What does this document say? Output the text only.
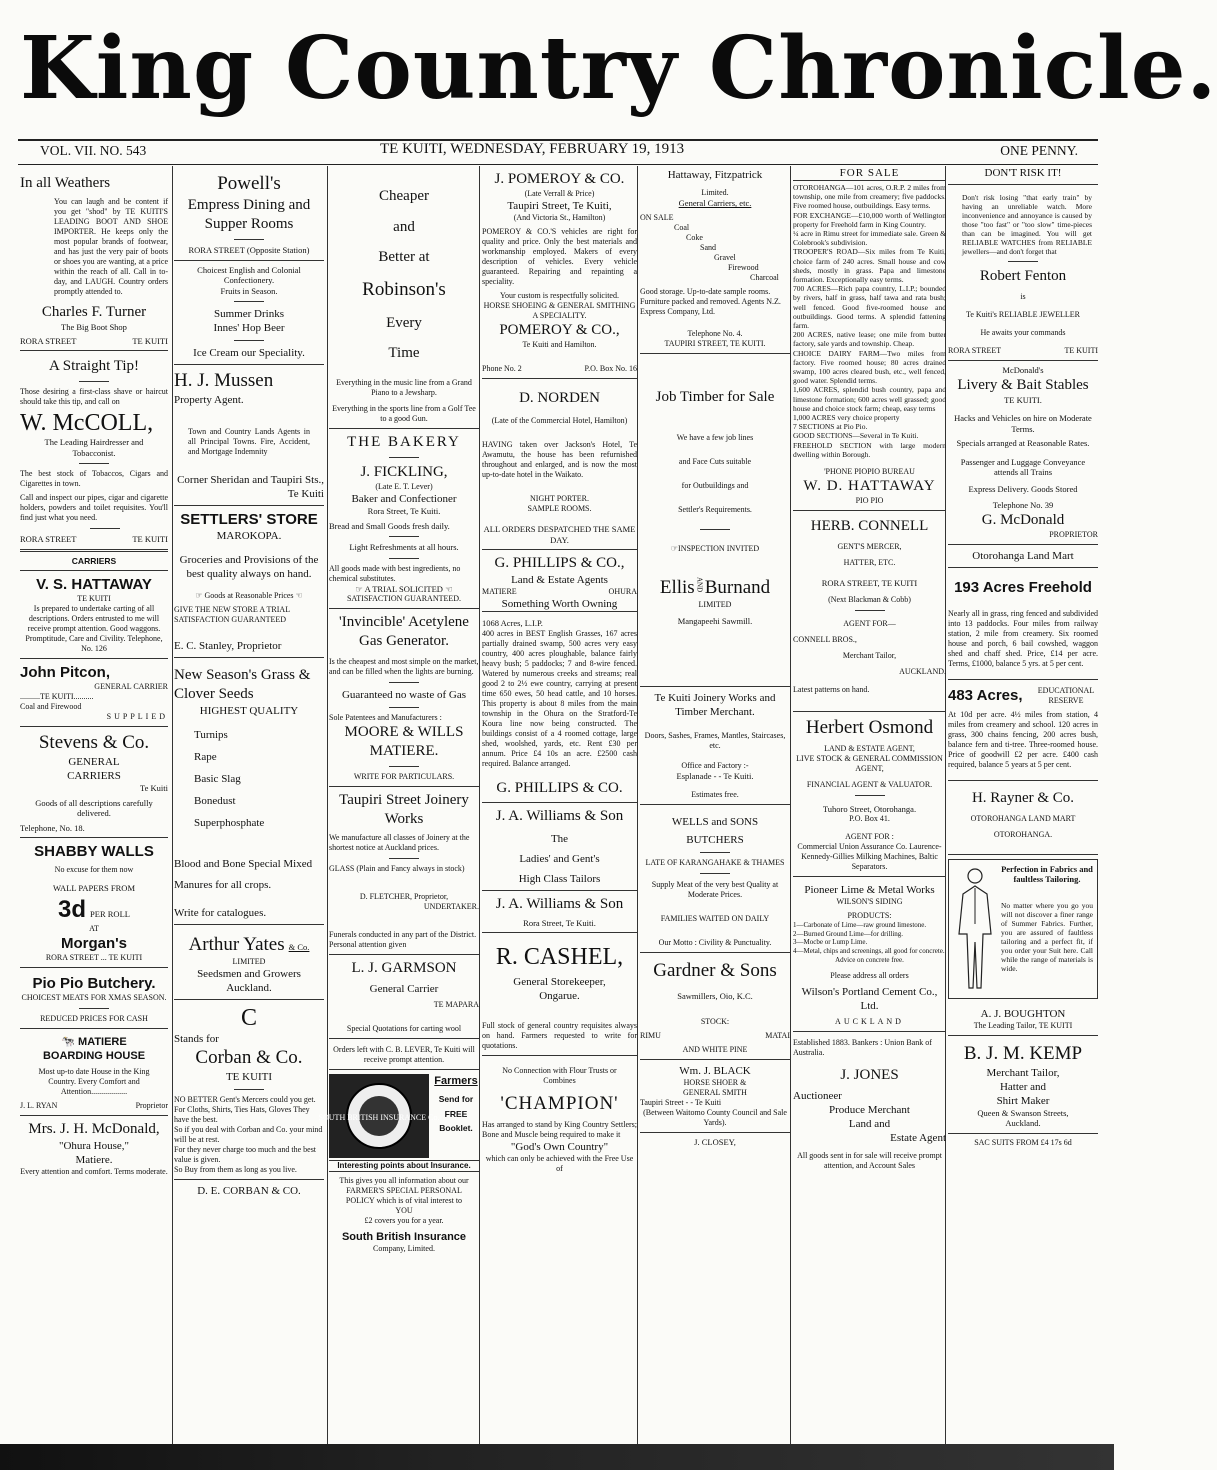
King Country Chronicle.
VOL. VII. NO. 543	TE KUITI, WEDNESDAY, FEBRUARY 19, 1913	ONE PENNY.
In all Weathers
You can laugh and be content if you get "shod" by TE KUITI'S LEADING BOOT AND SHOE IMPORTER. He keeps only the most popular brands of footwear, and has just the very pair of boots or shoes you are wanting, at a price within the reach of all. Call in to-day, and LAUGH. Country orders promptly attended to.
Charles F. Turner
The Big Boot Shop
RORA STREET	TE KUITI
A Straight Tip!
Those desiring a first-class shave or haircut should take this tip, and call on
W. McCOLL,
The Leading Hairdresser and Tobacconist.
The best stock of Tobaccos, Cigars and Cigarettes in town.
Call and inspect our pipes, cigar and cigarette holders, powders and toilet requisites. You'll find just what you need.
RORA STREET	TE KUITI
CARRIERS
V. S. HATTAWAY
TE KUITI
Is prepared to undertake carting of all descriptions. Orders entrusted to me will receive prompt attention. Good waggons. Promptitude, Care and Civility. Telephone, No. 126
John Pitcon,
GENERAL CARRIER
..........TE KUITI..........
Coal and Firewood
SUPPLIED
Stevens & Co.
GENERAL
CARRIERS
Te Kuiti
Goods of all descriptions carefully delivered.
Telephone, No. 18.
SHABBY WALLS
No excuse for them now
WALL PAPERS FROM
3d PER ROLL
AT
Morgan's
RORA STREET ... TE KUITI
Pio Pio Butchery.
CHOICEST MEATS FOR XMAS SEASON.
REDUCED PRICES FOR CASH
🐄 MATIERE
BOARDING HOUSE
Most up-to date House in the King Country. Every Comfort and Attention..................
J. L. RYAN	Proprietor
Mrs. J. H. McDonald,
"Ohura House,"
Matiere.
Every attention and comfort. Terms moderate.
Powell's
Empress Dining and Supper Rooms
RORA STREET (Opposite Station)
Choicest English and Colonial Confectionery.
Fruits in Season.
Summer Drinks
Innes' Hop Beer
Ice Cream our Speciality.
H. J. Mussen
Property Agent.
Town and Country Lands Agents in all Principal Towns. Fire, Accident, and Mortgage Indemnity
Corner Sheridan and Taupiri Sts., Te Kuiti
SETTLERS' STORE
MAROKOPA.
Groceries and Provisions of the best quality always on hand.
☞ Goods at Reasonable Prices ☜
GIVE THE NEW STORE A TRIAL SATISFACTION GUARANTEED
E. C. Stanley, Proprietor
New Season's Grass & Clover Seeds
HIGHEST QUALITY
Turnips
Rape
Basic Slag
Bonedust
Superphosphate
Blood and Bone Special Mixed Manures for all crops.
Write for catalogues.
Arthur Yates & Co.
LIMITED
Seedsmen and Growers
Auckland.
C
Stands for
Corban & Co.
TE KUITI
NO BETTER Gent's Mercers could you get.
For Cloths, Shirts, Ties Hats, Gloves They have the best.
So if you deal with Corban and Co. your mind will be at rest.
For they never charge too much and the best value is given.
So Buy from them as long as you live.
D. E. CORBAN & CO.
Cheaper
and
Better at
Robinson's
Every
Time
Everything in the music line from a Grand Piano to a Jewsharp.
Everything in the sports line from a Golf Tee to a good Gun.
THE BAKERY
J. FICKLING,
(Late E. T. Lever)
Baker and Confectioner
Rora Street, Te Kuiti.
Bread and Small Goods fresh daily.
Light Refreshments at all hours.
All goods made with best ingredients, no chemical substitutes.
☞ A TRIAL SOLICITED ☜
SATISFACTION GUARANTEED.
'Invincible' Acetylene Gas Generator.
Is the cheapest and most simple on the market, and can be filled when the lights are burning.
Guaranteed no waste of Gas
Sole Patentees and Manufacturers :
MOORE & WILLS
MATIERE.
WRITE FOR PARTICULARS.
Taupiri Street Joinery Works
We manufacture all classes of Joinery at the shortest notice at Auckland prices.
GLASS (Plain and Fancy always in stock)
D. FLETCHER, Proprietor,
UNDERTAKER.
Funerals conducted in any part of the District. Personal attention given
L. J. GARMSON
General Carrier
TE MAPARA
Special Quotations for carting wool
Orders left with C. B. LEVER, Te Kuiti will receive prompt attention.
SOUTH BRITISH INSURANCE Co.
Farmers
Send for
FREE
Booklet.
Interesting points about Insurance.
This gives you all information about our FARMER'S SPECIAL PERSONAL POLICY which is of vital interest to YOU
£2 covers you for a year.
South British Insurance
Company, Limited.
J. POMEROY & CO.
(Late Verrall & Price)
Taupiri Street, Te Kuiti,
(And Victoria St., Hamilton)
POMEROY & CO.'S vehicles are right for quality and price. Only the best materials and workmanship employed. Makers of every description of vehicles. Every vehicle guaranteed. Repairing and repainting a speciality.
Your custom is respectfully solicited.
HORSE SHOEING & GENERAL SMITHING A SPECIALITY.
POMEROY & CO.,
Te Kuiti and Hamilton.
Phone No. 2	P.O. Box No. 16
D. NORDEN
(Late of the Commercial Hotel, Hamilton)
HAVING taken over Jackson's Hotel, Te Awamutu, the house has been refurnished throughout and enlarged, and is now the most up-to-date hotel in the Waikato.
NIGHT PORTER.
SAMPLE ROOMS.
ALL ORDERS DESPATCHED THE SAME DAY.
G. PHILLIPS & CO.,
Land & Estate Agents
MATIERE	OHURA
Something Worth Owning
1068 Acres, L.I.P.
400 acres in BEST English Grasses, 167 acres partially drained swamp, 500 acres very easy country, 400 acres ploughable, balance fairly heavy bush; 5 paddocks; 7 and 8-wire fenced. Watered by numerous creeks and streams; real good 2 to 2½ ewe country, carrying at present time 650 ewes, 50 head cattle, and 10 horses. This property is about 8 miles from the main township in the Ohura on the Stratford-Te Koura line now being constructed. The buildings consist of a 4 roomed cottage, large shed, woolshed, yards, etc. Rent £30 per annum. Price £4 10s an acre. £2500 cash required. Balance arranged.
G. PHILLIPS & CO.
J. A. Williams & Son
The
Ladies' and Gent's
High Class Tailors
J. A. Williams & Son
Rora Street, Te Kuiti.
R. CASHEL,
General Storekeeper,
Ongarue.
Full stock of general country requisites always on hand. Farmers requested to write for quotations.
No Connection with Flour Trusts or Combines
'CHAMPION'
Has arranged to stand by King Country Settlers; Bone and Muscle being required to make it
"God's Own Country"
which can only be achieved with the Free Use of
Hattaway, Fitzpatrick
Limited.
General Carriers, etc.
ON SALE
Coal
Coke
Sand
Gravel
Firewood
Charcoal
Good storage. Up-to-date sample rooms. Furniture packed and removed. Agents N.Z. Express Company, Ltd.
Telephone No. 4.
TAUPIRI STREET, TE KUITI.
Job Timber for Sale
We have a few job lines
and Face Cuts suitable
for Outbuildings and
Settler's Requirements.
☞INSPECTION INVITED
EllisANDBurnand
LIMITED
Mangapeehi Sawmill.
Te Kuiti Joinery Works and Timber Merchant.
Doors, Sashes, Frames, Mantles, Staircases, etc.
Office and Factory :-
Esplanade - - Te Kuiti.
Estimates free.
WELLS and SONS
BUTCHERS
LATE OF KARANGAHAKE & THAMES
Supply Meat of the very best Quality at Moderate Prices.
FAMILIES WAITED ON DAILY
Our Motto : Civility & Punctuality.
Gardner & Sons
Sawmillers, Oio, K.C.
STOCK:
RIMU	MATAI
AND WHITE PINE
Wm. J. BLACK
HORSE SHOER &
GENERAL SMITH
Taupiri Street - - Te Kuiti
(Between Waitomo County Council and Sale Yards).
J. CLOSEY,
FOR SALE
OTOROHANGA—101 acres, O.R.P. 2 miles from township, one mile from creamery; five paddocks. Five roomed house, outbuildings. Easy terms.
FOR EXCHANGE—£10,000 worth of Wellington property for Freehold farm in King Country.
¼ acre in Rimu street for immediate sale. Green & Colebrook's subdivision.
TROOPER'S ROAD—Six miles from Te Kuiti, choice farm of 240 acres. Small house and cow sheds, mostly in grass. Papa and limestone formation. Exceptionally easy terms.
700 ACRES—Rich papa country, L.I.P.; bounded by rivers, half in grass, half tawa and rata bush; well fenced. Good five-roomed house and outbuildings. Good terms. A splendid fattening farm.
200 ACRES, native lease; one mile from butter factory, sale yards and township. Cheap.
CHOICE DAIRY FARM—Two miles from factory. Five roomed house; 80 acres drained swamp, 100 acres cleared bush, etc., well fenced, good water. Splendid terms.
1,600 ACRES, splendid bush country, papa and limestone formation; 600 acres well grassed; good house and choice stock farm; cheap, easy terms
1,000 ACRES very choice property
7 SECTIONS at Pio Pio.
GOOD SECTIONS—Several in Te Kuiti.
FREEHOLD SECTION with large modern dwelling within Borough.
'PHONE PIOPIO BUREAU
W. D. HATTAWAY
PIO PIO
HERB. CONNELL
GENT'S MERCER,
HATTER, ETC.
RORA STREET, TE KUITI
(Next Blackman & Cobb)
AGENT FOR—
CONNELL BROS.,
Merchant Tailor,
AUCKLAND.
Latest patterns on hand.
Herbert Osmond
LAND & ESTATE AGENT,
LIVE STOCK & GENERAL COMMISSION AGENT,
FINANCIAL AGENT & VALUATOR.
Tuhoro Street, Otorohanga.
P.O. Box 41.
AGENT FOR :
Commercial Union Assurance Co. Laurence-Kennedy-Gillies Milking Machines, Baltic Separators.
Pioneer Lime & Metal Works
WILSON'S SIDING
PRODUCTS:
1—Carbonate of Lime—raw ground limestone.
2—Burned Ground Lime—for drilling.
3—Mocbe or Lump Lime.
4—Metal, chips and screenings, all good for concrete.
Advice on concrete free.
Please address all orders
Wilson's Portland Cement Co., Ltd.
AUCKLAND
Established 1883. Bankers : Union Bank of Australia.
J. JONES
Auctioneer
Produce Merchant
Land and
Estate Agent
All goods sent in for sale will receive prompt attention, and Account Sales
DON'T RISK IT!
Don't risk losing "that early train" by having an unreliable watch. More inconvenience and annoyance is caused by those "too fast" or "too slow" time-pieces than can be imagined. You will get RELIABLE WATCHES from RELIABLE jewellers—and don't forget that
Robert Fenton
is
Te Kuiti's RELIABLE JEWELLER
He awaits your commands
RORA STREET	TE KUITI
McDonald's
Livery & Bait Stables
TE KUITI.
Hacks and Vehicles on hire on Moderate Terms.
Specials arranged at Reasonable Rates.
Passenger and Luggage Conveyance attends all Trains
Express Delivery. Goods Stored
Telephone No. 39
G. McDonald
PROPRIETOR
Otorohanga Land Mart
193 Acres Freehold
Nearly all in grass, ring fenced and subdivided into 13 paddocks. Four miles from railway station, 2 mile from creamery. Six roomed house and porch, 6 bail cowshed, waggon shed and chaff shed. Price, £14 per acre. Terms, £1000, balance 5 yrs. at 5 per cent.
483 Acres,	EDUCATIONAL RESERVE
At 10d per acre. 4½ miles from station, 4 miles from creamery and school. 120 acres in grass, 300 chains fencing, 200 acres bush, balance fern and ti-tree. Three-roomed house. Price of goodwill £2 per acre. £400 cash required, balance 5 years at 5 per cent.
H. Rayner & Co.
OTOROHANGA LAND MART
OTOROHANGA.
Perfection in Fabrics and faultless Tailoring.
No matter where you go you will not discover a finer range of Summer Fabrics. Further, you are assured of faultless tailoring and a perfect fit, if you order your Suit here. Call while the range of materials is wide.
A. J. BOUGHTON
The Leading Tailor, TE KUITI
B. J. M. KEMP
Merchant Tailor,
Hatter and
Shirt Maker
Queen & Swanson Streets,
Auckland.
SAC SUITS FROM £4 17s 6d
